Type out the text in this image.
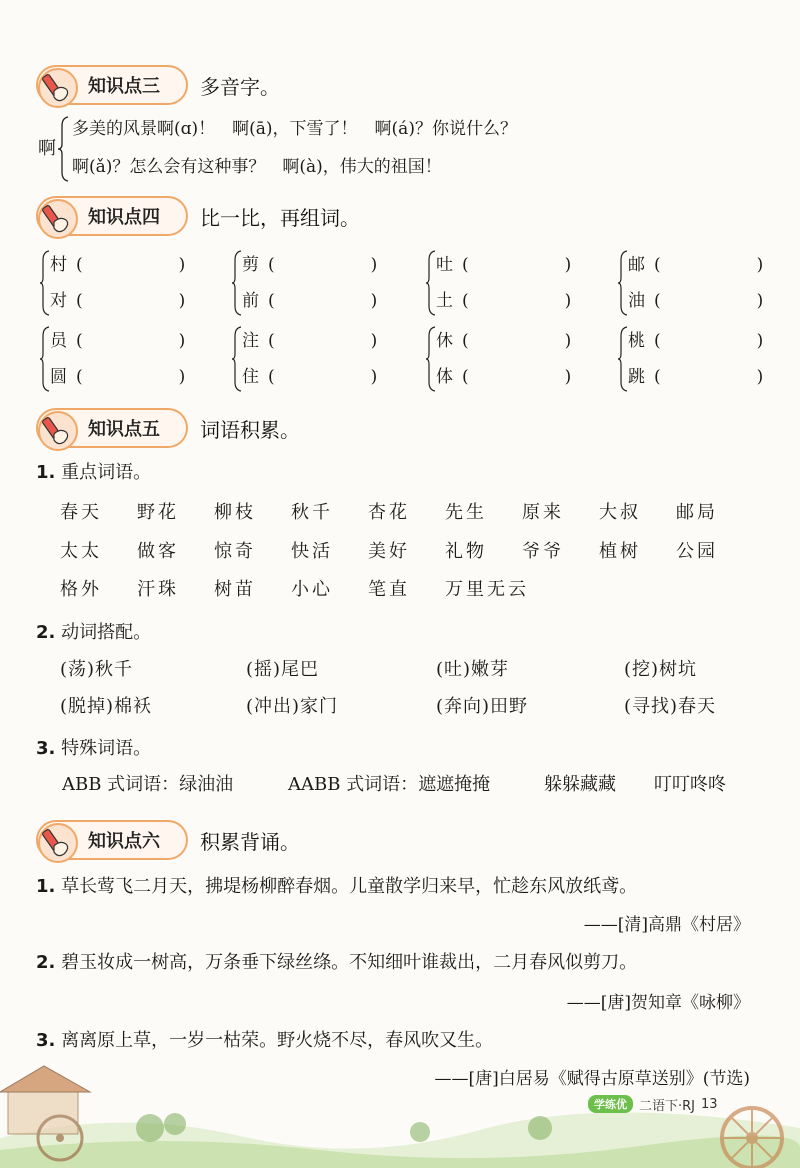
知识点三 多音字。
啊
多美的风景啊(ɑ)！　啊(ā)，下雪了！　啊(á)？你说什么？
啊(ǎ)？怎么会有这种事？　啊(à)，伟大的祖国！
知识点四 比一比，再组词。
村 (	)
对 (	)
剪 (	)
前 (	)
吐 (	)
土 (	)
邮 (	)
油 (	)
员 (	)
圆 (	)
注 (	)
住 (	)
休 (	)
体 (	)
桃 (	)
跳 (	)
知识点五 词语积累。
1. 重点词语。
春天 野花 柳枝 秋千 杏花 先生 原来 大叔 邮局
太太 做客 惊奇 快活 美好 礼物 爷爷 植树 公园
格外 汗珠 树苗 小心 笔直 万里无云
2. 动词搭配。
(荡)秋千	(摇)尾巴	(吐)嫩芽	(挖)树坑
(脱掉)棉袄	(冲出)家门	(奔向)田野	(寻找)春天
3. 特殊词语。
ABB 式词语：绿油油	AABB 式词语：遮遮掩掩	躲躲藏藏 叮叮咚咚
知识点六 积累背诵。
1. 草长莺飞二月天，拂堤杨柳醉春烟。儿童散学归来早，忙趁东风放纸鸢。
——[清]高鼎《村居》
2. 碧玉妆成一树高，万条垂下绿丝绦。不知细叶谁裁出，二月春风似剪刀。
——[唐]贺知章《咏柳》
3. 离离原上草，一岁一枯荣。野火烧不尽，春风吹又生。
——[唐]白居易《赋得古原草送别》(节选)
学练优 二语下·RJ 13
